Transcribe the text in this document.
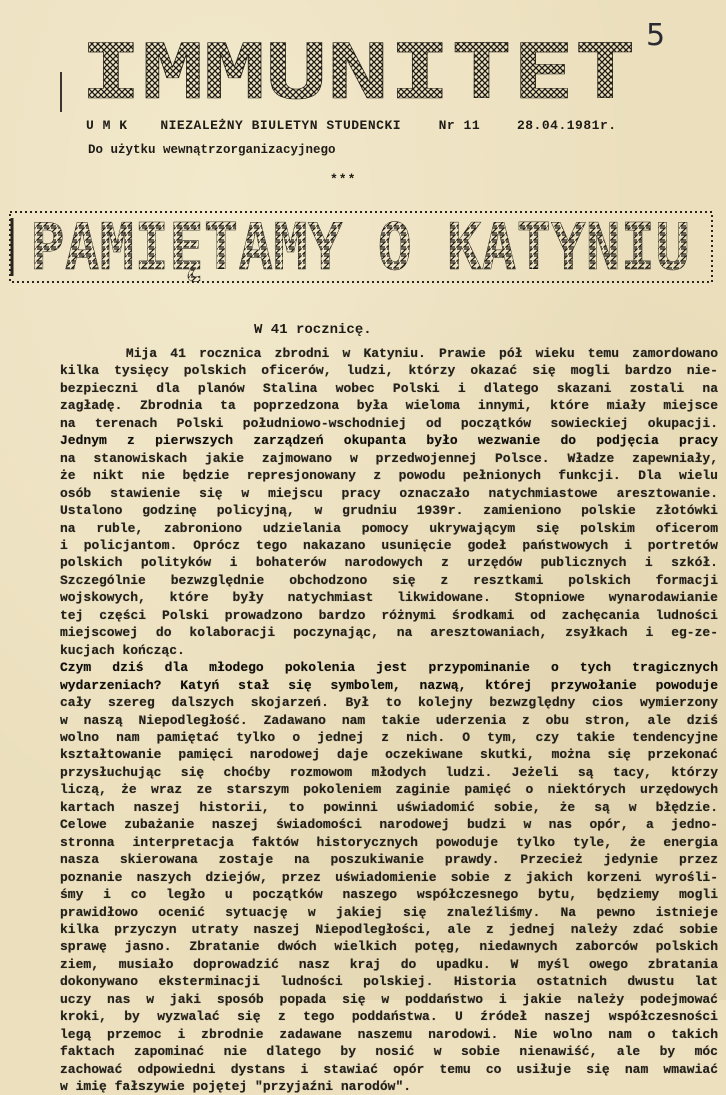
5
IMMUNITET
U M K	NIEZALEŻNY BIULETYN STUDENCKI	Nr 11	28.04.1981r.
Do użytku wewnątrzorganizacyjnego
***
PAMIĘTAMY O KATYNIU
W 41 rocznicę.
Mija 41 rocznica zbrodni w Katyniu. Prawie pół wieku temu zamordowano
kilka tysięcy polskich oficerów, ludzi, którzy okazać się mogli bardzo nie-
bezpieczni dla planów Stalina wobec Polski i dlatego skazani zostali na
zagładę. Zbrodnia ta poprzedzona była wieloma innymi, które miały miejsce
na terenach Polski południowo-wschodniej od początków sowieckiej okupacji.
Jednym z pierwszych zarządzeń okupanta było wezwanie do podjęcia pracy
na stanowiskach jakie zajmowano w przedwojennej Polsce. Władze zapewniały,
że nikt nie będzie represjonowany z powodu pełnionych funkcji. Dla wielu
osób stawienie się w miejscu pracy oznaczało natychmiastowe aresztowanie.
Ustalono godzinę policyjną, w grudniu 1939r. zamieniono polskie złotówki
na ruble, zabroniono udzielania pomocy ukrywającym się polskim oficerom
i policjantom. Oprócz tego nakazano usunięcie godeł państwowych i portretów
polskich polityków i bohaterów narodowych z urzędów publicznych i szkół.
Szczególnie bezwzględnie obchodzono się z resztkami polskich formacji
wojskowych, które były natychmiast likwidowane. Stopniowe wynarodawianie
tej części Polski prowadzono bardzo różnymi środkami od zachęcania ludności
miejscowej do kolaboracji poczynając, na aresztowaniach, zsyłkach i eg-ze-
kucjach kończąc.
Czym dziś dla młodego pokolenia jest przypominanie o tych tragicznych
wydarzeniach? Katyń stał się symbolem, nazwą, której przywołanie powoduje
cały szereg dalszych skojarzeń. Był to kolejny bezwzględny cios wymierzony
w naszą Niepodległość. Zadawano nam takie uderzenia z obu stron, ale dziś
wolno nam pamiętać tylko o jednej z nich. O tym, czy takie tendencyjne
kształtowanie pamięci narodowej daje oczekiwane skutki, można się przekonać
przysłuchując się choćby rozmowom młodych ludzi. Jeżeli są tacy, którzy
liczą, że wraz ze starszym pokoleniem zaginie pamięć o niektórych urzędowych
kartach naszej historii, to powinni uświadomić sobie, że są w błędzie.
Celowe zubażanie naszej świadomości narodowej budzi w nas opór, a jedno-
stronna interpretacja faktów historycznych powoduje tylko tyle, że energia
nasza skierowana zostaje na poszukiwanie prawdy. Przecież jedynie przez
poznanie naszych dziejów, przez uświadomienie sobie z jakich korzeni wyrośli-
śmy i co legło u początków naszego współczesnego bytu, będziemy mogli
prawidłowo ocenić sytuację w jakiej się znaleźliśmy. Na pewno istnieje
kilka przyczyn utraty naszej Niepodległości, ale z jednej należy zdać sobie
sprawę jasno. Zbratanie dwóch wielkich potęg, niedawnych zaborców polskich
ziem, musiało doprowadzić nasz kraj do upadku. W myśl owego zbratania
dokonywano eksterminacji ludności polskiej. Historia ostatnich dwustu lat
uczy nas w jaki sposób popada się w poddaństwo i jakie należy podejmować
kroki, by wyzwalać się z tego poddaństwa. U źródeł naszej współczesności
legą przemoc i zbrodnie zadawane naszemu narodowi. Nie wolno nam o takich
faktach zapominać nie dlatego by nosić w sobie nienawiść, ale by móc
zachować odpowiedni dystans i stawiać opór temu co usiłuje się nam wmawiać
w imię fałszywie pojętej "przyjaźni narodów".
